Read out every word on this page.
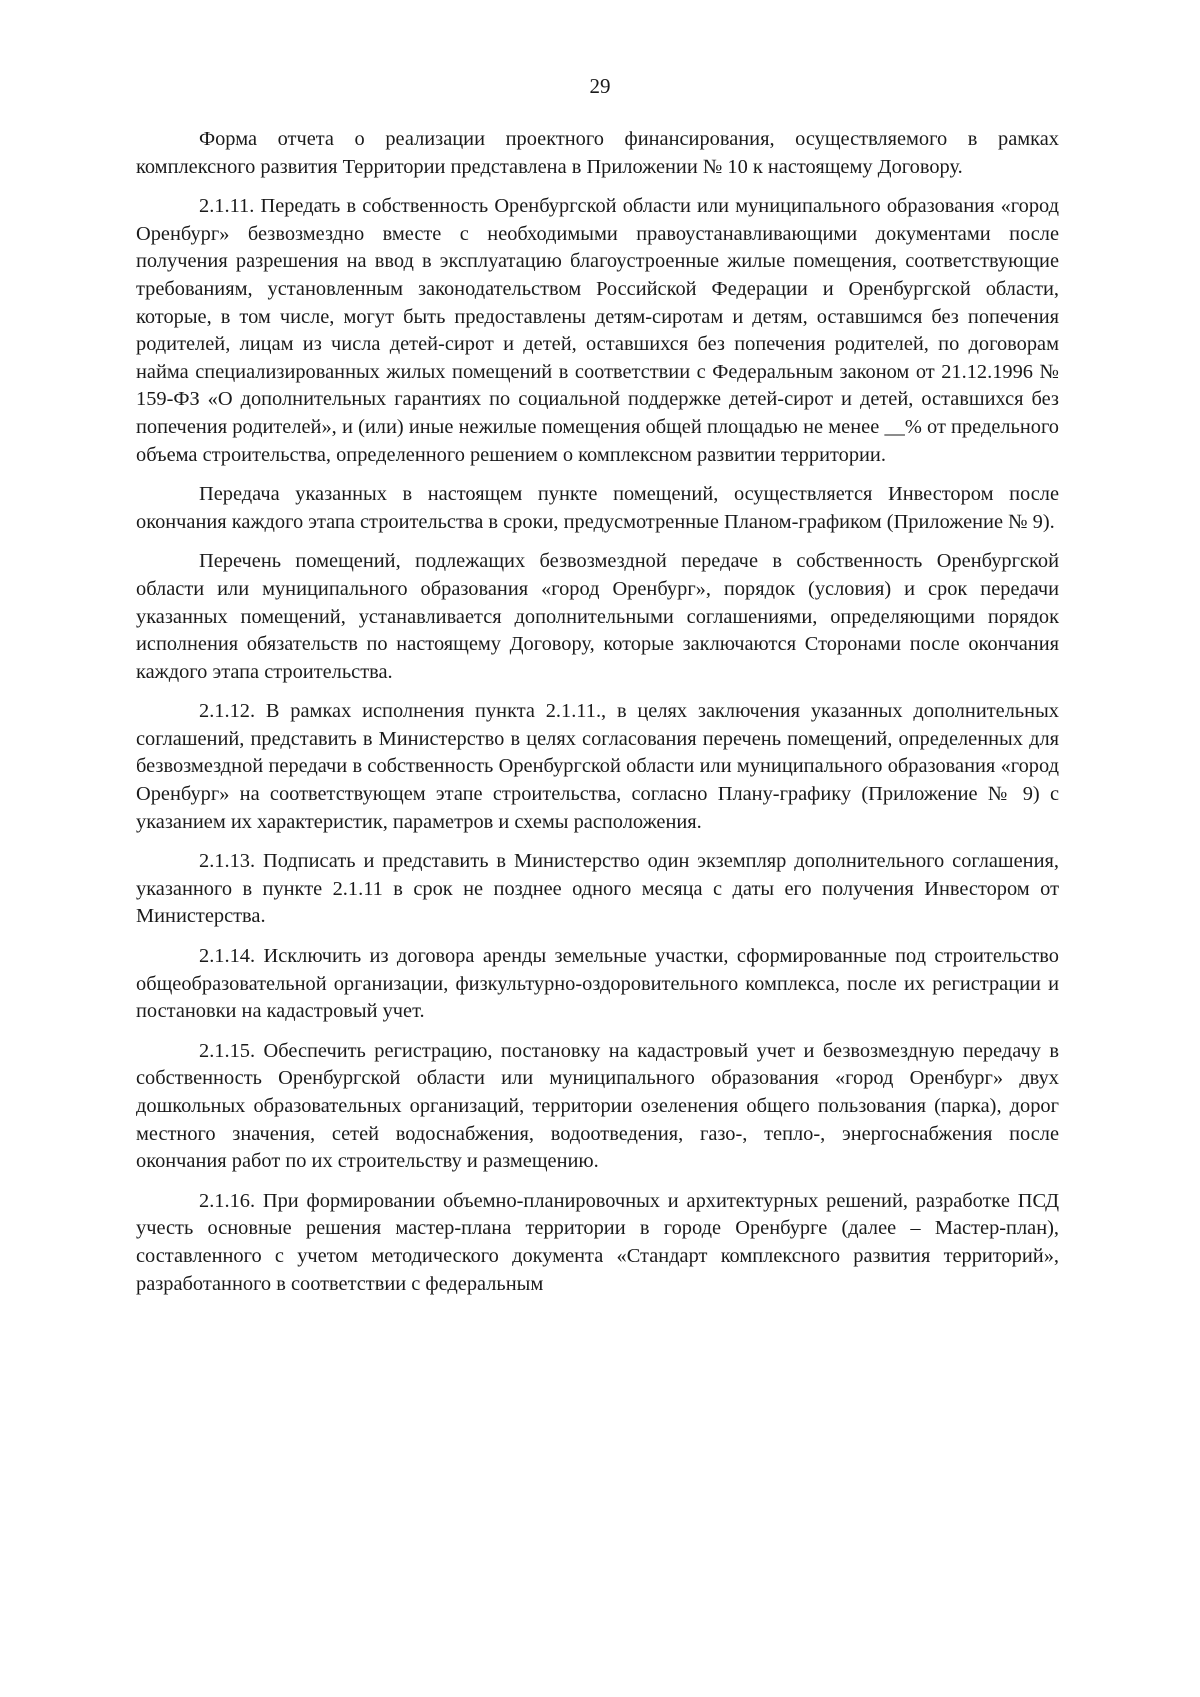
29

Форма отчета о реализации проектного финансирования, осуществляемого в рамках комплексного развития Территории представлена в Приложении № 10 к настоящему Договору.

2.1.11. Передать в собственность Оренбургской области или муниципального образования «город Оренбург» безвозмездно вместе с необходимыми правоустанавливающими документами после получения разрешения на ввод в эксплуатацию благоустроенные жилые помещения, соответствующие требованиям, установленным законодательством Российской Федерации и Оренбургской области, которые, в том числе, могут быть предоставлены детям-сиротам и детям, оставшимся без попечения родителей, лицам из числа детей-сирот и детей, оставшихся без попечения родителей, по договорам найма специализированных жилых помещений в соответствии с Федеральным законом от 21.12.1996 № 159-ФЗ «О дополнительных гарантиях по социальной поддержке детей-сирот и детей, оставшихся без попечения родителей», и (или) иные нежилые помещения общей площадью не менее __% от предельного объема строительства, определенного решением о комплексном развитии территории.

Передача указанных в настоящем пункте помещений, осуществляется Инвестором после окончания каждого этапа строительства в сроки, предусмотренные Планом-графиком (Приложение № 9).

Перечень помещений, подлежащих безвозмездной передаче в собственность Оренбургской области или муниципального образования «город Оренбург», порядок (условия) и срок передачи указанных помещений, устанавливается дополнительными соглашениями, определяющими порядок исполнения обязательств по настоящему Договору, которые заключаются Сторонами после окончания каждого этапа строительства.

2.1.12. В рамках исполнения пункта 2.1.11., в целях заключения указанных дополнительных соглашений, представить в Министерство в целях согласования перечень помещений, определенных для безвозмездной передачи в собственность Оренбургской области или муниципального образования «город Оренбург» на соответствующем этапе строительства, согласно Плану-графику (Приложение № 9) с указанием их характеристик, параметров и схемы расположения.

2.1.13. Подписать и представить в Министерство один экземпляр дополнительного соглашения, указанного в пункте 2.1.11 в срок не позднее одного месяца с даты его получения Инвестором от Министерства.

2.1.14. Исключить из договора аренды земельные участки, сформированные под строительство общеобразовательной организации, физкультурно-оздоровительного комплекса, после их регистрации и постановки на кадастровый учет.

2.1.15. Обеспечить регистрацию, постановку на кадастровый учет и безвозмездную передачу в собственность Оренбургской области или муниципального образования «город Оренбург» двух дошкольных образовательных организаций, территории озеленения общего пользования (парка), дорог местного значения, сетей водоснабжения, водоотведения, газо-, тепло-, энергоснабжения после окончания работ по их строительству и размещению.

2.1.16. При формировании объемно-планировочных и архитектурных решений, разработке ПСД учесть основные решения мастер-плана территории в городе Оренбурге (далее – Мастер-план), составленного с учетом методического документа «Стандарт комплексного развития территорий», разработанного в соответствии с федеральным
